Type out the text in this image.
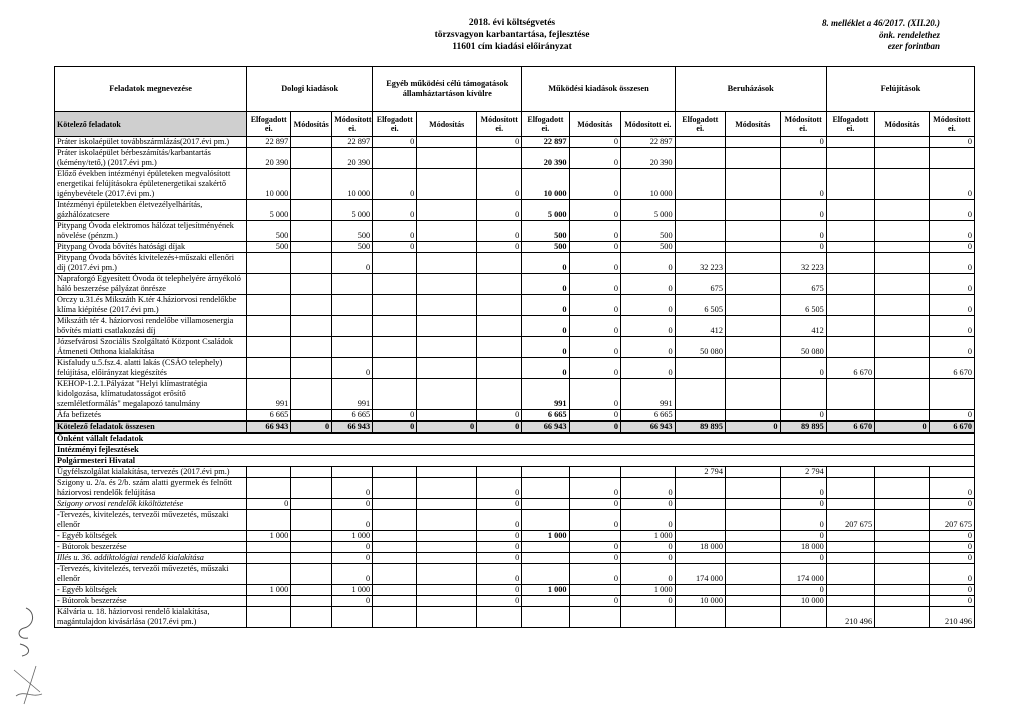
2018. évi költségvetés
törzsvagyon karbantartása, fejlesztése
11601 cím kiadási előirányzat
8. melléklet a 46/2017. (XII.20.)
önk. rendelethez
ezer forintban
Feladatok megnevezése	Dologi kiadások			Egyéb működési célú támogatások államháztartáson kívülre			Működési kiadások összesen			Beruházások			Felújítások		
Kötelező feladatok	Elfogadott ei.	Módosítás	Módosított ei.	Elfogadott ei.	Módosítás	Módosított ei.	Elfogadott ei.	Módosítás	Módosított ei.	Elfogadott ei.	Módosítás	Módosított ei.	Elfogadott ei.	Módosítás	Módosított ei.
Práter iskolaépület továbbszármlázás(2017.évi pm.)	22 897		22 897	0		0	22 897	0	22 897			0			0
Práter iskolaépület bérbeszámítás/karbantartás (kémény/tető,) (2017.évi pm.)	20 390		20 390				20 390	0	20 390						
Előző években intézményi épületeken megvalósított energetikai felújításokra épületenergetikai szakértő igénybevétele (2017.évi pm.)	10 000		10 000	0		0	10 000	0	10 000			0			0
Intézményi épületekben életvezélyelhárítás, gázhálózatcsere	5 000		5 000	0		0	5 000	0	5 000			0			0
Pitypang Óvoda elektromos hálózat teljesítményének növelése (pénzm.)	500		500	0		0	500	0	500			0			0
Pitypang Óvoda bővítés hatósági díjak	500		500	0		0	500	0	500			0			0
Pitypang Óvoda bővítés kivitelezés+műszaki ellenőri díj (2017.évi pm.)			0				0	0	0	32 223		32 223			0
Napraforgó Egyesített Óvoda öt telephelyére árnyékoló háló beszerzése pályázat önrésze							0	0	0	675		675			0
Orczy u.31.és Mikszáth K.tér 4.háziorvosi rendelőkbe klíma kiépítése (2017.évi pm.)							0	0	0	6 505		6 505			0
Mikszáth tér 4. háziorvosi rendelőbe villamosenergia bővítés miatti csatlakozási díj							0	0	0	412		412			0
Józsefvárosi Szociális Szolgáltató Központ Családok Átmeneti Otthona kialakítása							0	0	0	50 080		50 080			0
Kisfaludy u.5.fsz.4. alatti lakás (CSÁO telephely) felújítása, előirányzat kiegészítés			0				0	0	0			0	6 670		6 670
KEHOP-1.2.1.Pályázat "Helyi klímastratégia kidolgozása, klímatudatosságot erősítő szemléletformálás" megalapozó tanulmány	991		991				991	0	991						
Áfa befizetés	6 665		6 665	0		0	6 665	0	6 665			0			0
Kötelező feladatok összesen	66 943	0	66 943	0	0	0	66 943	0	66 943	89 895	0	89 895	6 670	0	6 670
Önként vállalt feladatok															
Intézményi fejlesztések															
Polgármesteri Hivatal															
Ügyfélszolgálat kialakítása, tervezés (2017.évi pm.)										2 794		2 794			
Szigony u. 2/a. és 2/b. szám alatti gyermek és felnőtt háziorvosi rendelők felújítása			0			0		0	0			0			0
Szigony orvosi rendelők kiköltöztetése	0		0			0		0	0			0			0
-Tervezés, kivitelezés, tervezői művezetés, műszaki ellenőr			0			0		0	0			0	207 675		207 675
- Egyéb költségek	1 000		1 000			0	1 000		1 000			0			0
- Bútorok beszerzése			0			0		0	0	18 000		18 000			0
Illés u. 36. addiktológiai rendelő kialakítása			0			0		0	0			0			0
-Tervezés, kivitelezés, tervezői művezetés, műszaki ellenőr			0			0		0	0	174 000		174 000			0
- Egyéb költségek	1 000		1 000			0	1 000		1 000			0			0
- Bútorok beszerzése			0			0		0	0	10 000		10 000			0
Kálvária u. 18. háziorvosi rendelő kialakítása, magántulajdon kivásárlása (2017.évi pm.)													210 496		210 496
